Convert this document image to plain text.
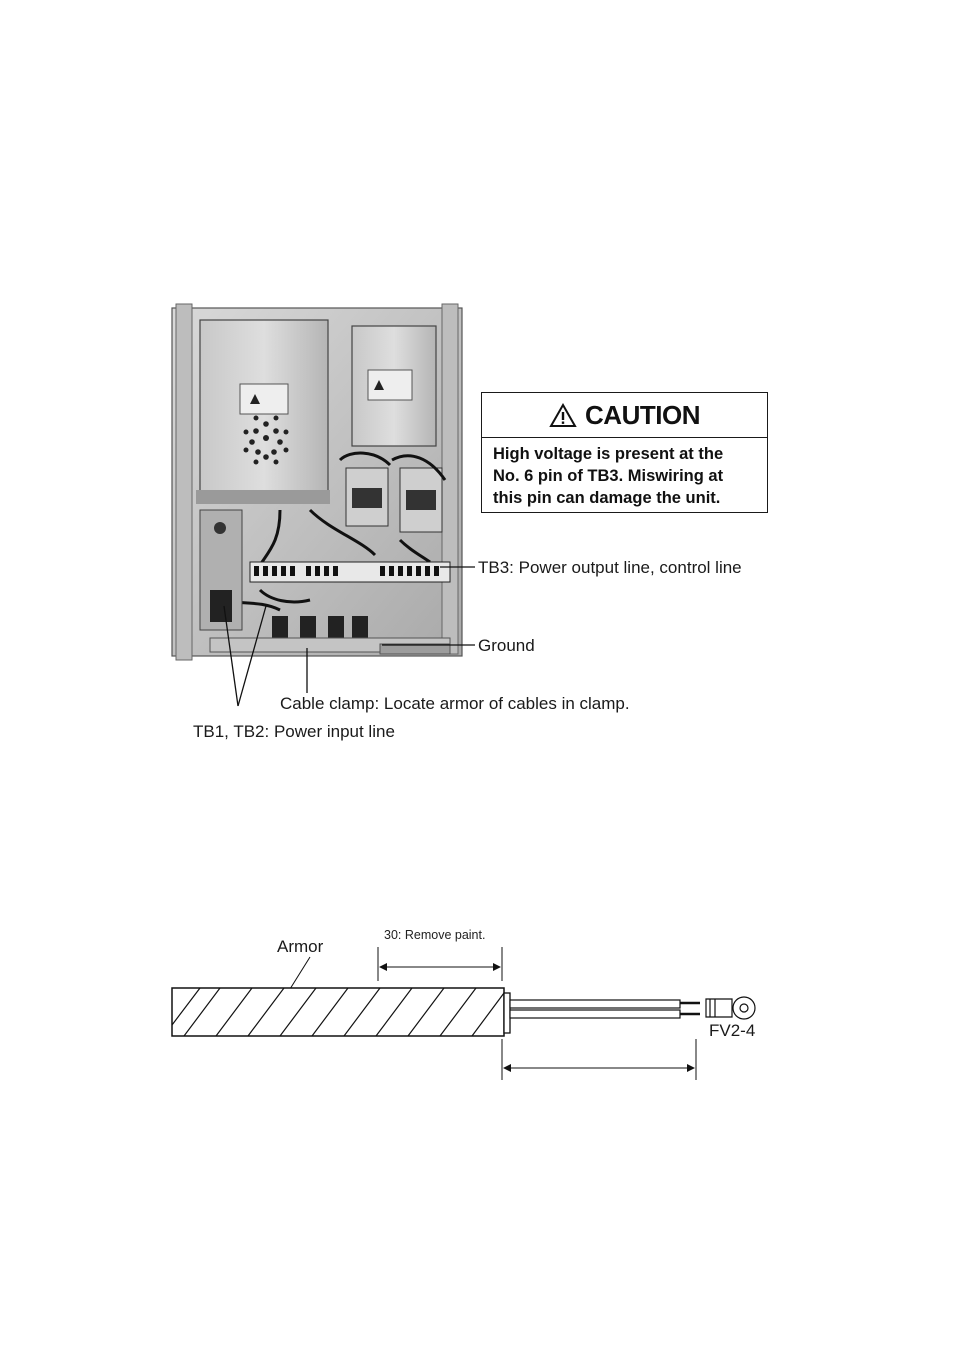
CAUTION
High voltage is present at the
No. 6 pin of TB3. Miswiring at
this pin can damage the unit.
TB3: Power output line, control line
Ground
Cable clamp: Locate armor of cables in clamp.
TB1, TB2: Power input line
Armor
30: Remove paint.
FV2-4
